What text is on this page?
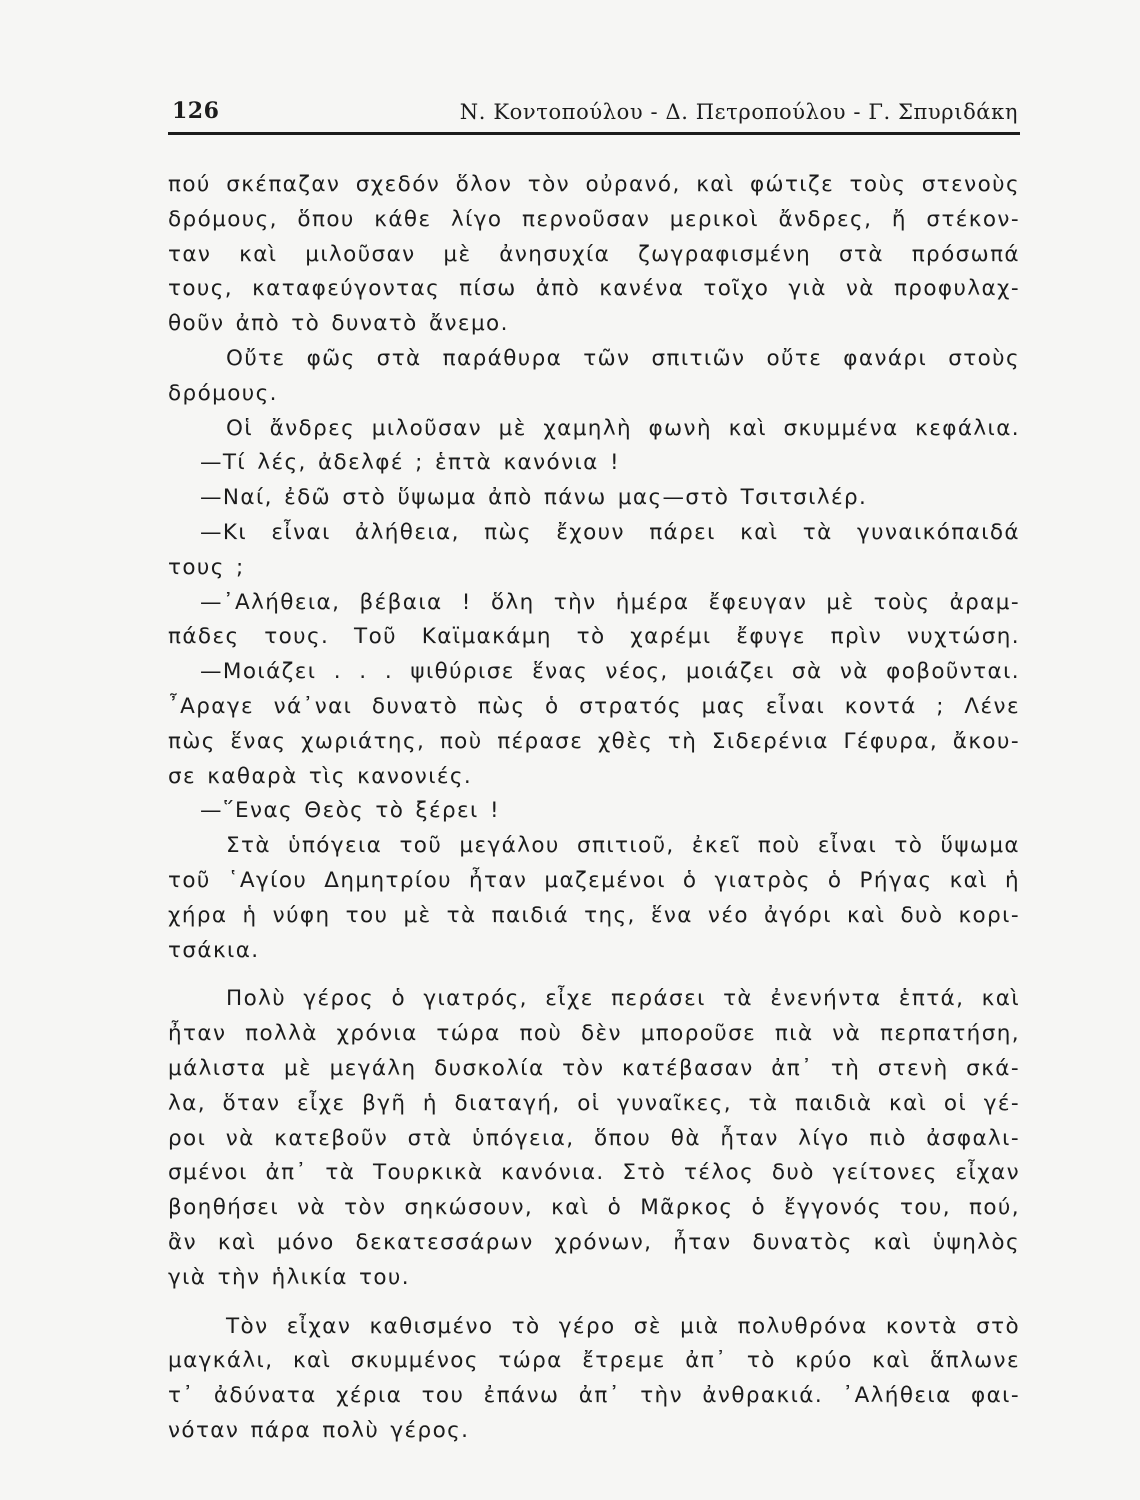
126	Ν. Κοντοπούλου - Δ. Πετροπούλου - Γ. Σπυριδάκη
πού σκέπαζαν σχεδόν ὅλον τὸν οὐρανό, καὶ φώτιζε τοὺς στενοὺς
δρόμους, ὅπου κάθε λίγο περνοῦσαν μερικοὶ ἄνδρες, ἤ στέκον-
ταν καὶ μιλοῦσαν μὲ ἀνησυχία ζωγραφισμένη στὰ πρόσωπά
τους, καταφεύγοντας πίσω ἀπὸ κανένα τοῖχο γιὰ νὰ προφυλαχ-
θοῦν ἀπὸ τὸ δυνατὸ ἄνεμο.
Οὔτε φῶς στὰ παράθυρα τῶν σπιτιῶν οὔτε φανάρι στοὺς
δρόμους.
Οἱ ἄνδρες μιλοῦσαν μὲ χαμηλὴ φωνὴ καὶ σκυμμένα κεφάλια.
—Τί λές, ἀδελφέ ; ἑπτὰ κανόνια !
—Ναί, ἐδῶ στὸ ὕψωμα ἀπὸ πάνω μας—στὸ Τσιτσιλέρ.
—Κι εἶναι ἀλήθεια, πὼς ἔχουν πάρει καὶ τὰ γυναικόπαιδά
τους ;
—᾽Αλήθεια, βέβαια ! ὅλη τὴν ἡμέρα ἔφευγαν μὲ τοὺς ἀραμ-
πάδες τους. Τοῦ Καϊμακάμη τὸ χαρέμι ἔφυγε πρὶν νυχτώση.
—Μοιάζει . . . ψιθύρισε ἕνας νέος, μοιάζει σὰ νὰ φοβοῦνται.
῏Αραγε νά᾽ναι δυνατὸ πὼς ὁ στρατός μας εἶναι κοντά ; Λένε
πὼς ἕνας χωριάτης, ποὺ πέρασε χθὲς τὴ Σιδερένια Γέφυρα, ἄκου-
σε καθαρὰ τὶς κανονιές.
—῞Ενας Θεὸς τὸ ξέρει !
Στὰ ὑπόγεια τοῦ μεγάλου σπιτιοῦ, ἐκεῖ ποὺ εἶναι τὸ ὕψωμα
τοῦ ῾Αγίου Δημητρίου ἦταν μαζεμένοι ὁ γιατρὸς ὁ Ρήγας καὶ ἡ
χήρα ἡ νύφη του μὲ τὰ παιδιά της, ἕνα νέο ἀγόρι καὶ δυὸ κορι-
τσάκια.
Πολὺ γέρος ὁ γιατρός, εἶχε περάσει τὰ ἐνενήντα ἑπτά, καὶ
ἦταν πολλὰ χρόνια τώρα ποὺ δὲν μποροῦσε πιὰ νὰ περπατήση,
μάλιστα μὲ μεγάλη δυσκολία τὸν κατέβασαν ἀπ᾽ τὴ στενὴ σκά-
λα, ὅταν εἶχε βγῆ ἡ διαταγή, οἱ γυναῖκες, τὰ παιδιὰ καὶ οἱ γέ-
ροι νὰ κατεβοῦν στὰ ὑπόγεια, ὅπου θὰ ἦταν λίγο πιὸ ἀσφαλι-
σμένοι ἀπ᾽ τὰ Τουρκικὰ κανόνια. Στὸ τέλος δυὸ γείτονες εἶχαν
βοηθήσει νὰ τὸν σηκώσουν, καὶ ὁ Μᾶρκος ὁ ἔγγονός του, πού,
ἂν καὶ μόνο δεκατεσσάρων χρόνων, ἦταν δυνατὸς καὶ ὑψηλὸς
γιὰ τὴν ἡλικία του.
Τὸν εἶχαν καθισμένο τὸ γέρο σὲ μιὰ πολυθρόνα κοντὰ στὸ
μαγκάλι, καὶ σκυμμένος τώρα ἔτρεμε ἀπ᾽ τὸ κρύο καὶ ἅπλωνε
τ᾽ ἀδύνατα χέρια του ἐπάνω ἀπ᾽ τὴν ἀνθρακιά. ᾽Αλήθεια φαι-
νόταν πάρα πολὺ γέρος.
